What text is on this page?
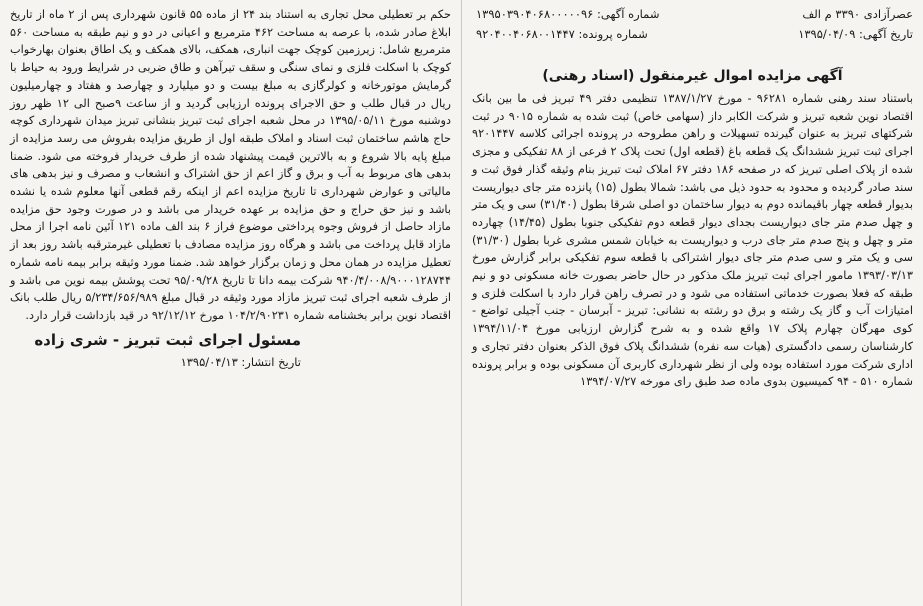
عصرآزادی ۳۳۹۰ م الف
تاریخ آگهی: ۱۳۹۵/۰۴/۰۹
شماره آگهی: ۱۳۹۵۰۳۹۰۴۰۶۸۰۰۰۰۰۹۶
شماره پرونده: ۹۲۰۴۰۰۴۰۶۸۰۰۱۴۴۷
آگهی مزایده اموال غیرمنقول (اسناد رهنی)
باستناد سند رهنی شماره ۹۶۲۸۱ - مورخ ۱۳۸۷/۱/۲۷ تنظیمی دفتر ۴۹ تبریز فی ما بین بانک اقتصاد نوین شعبه تبریز و شرکت الکابر داز (سهامی خاص) ثبت شده به شماره ۹۰۱۵ در ثبت شرکتهای تبریز به عنوان گیرنده تسهیلات و راهن مطروحه در پرونده اجرائی کلاسه ۹۲۰۱۴۴۷ اجرای ثبت تبریز ششدانگ یک قطعه باغ (قطعه اول) تحت پلاک ۲ فرعی از ۸۸ تفکیکی و مجزی شده از پلاک اصلی تبریز که در صفحه ۱۸۶ دفتر ۶۷ املاک ثبت تبریز بنام وثیقه گذار فوق ثبت و سند صادر گردیده و محدود به حدود ذیل می باشد: شمالا بطول (۱۵) پانزده متر جای دیواریست بدیوار قطعه چهار باقیمانده دوم به دیوار ساختمان دو اصلی شرقا بطول (۳۱/۴۰) سی و یک متر و چهل صدم متر جای دیواریست بجدای دیوار قطعه دوم تفکیکی جنوبا بطول (۱۴/۴۵) چهارده متر و چهل و پنج صدم متر جای درب و دیواریست به خیابان شمس مشری غربا بطول (۳۱/۳۰) سی و یک متر و سی صدم متر جای دیوار اشتراکی با قطعه سوم تفکیکی برابر گزارش مورخ ۱۳۹۳/۰۳/۱۳ مامور اجرای ثبت تبریز ملک مذکور در حال حاضر بصورت خانه مسکونی دو و نیم طبقه که فعلا بصورت خدماتی استفاده می شود و در تصرف راهن قرار دارد با اسکلت فلزی و امتیازات آب و گاز یک رشته و برق دو رشته به نشانی: تبریز - آبرسان - جنب آجیلی تواضع - کوی مهرگان چهارم پلاک ۱۷ واقع شده و به شرح گزارش ارزیابی مورخ ۱۳۹۴/۱۱/۰۴ کارشناسان رسمی دادگستری (هیات سه نفره) ششدانگ پلاک فوق الذکر بعنوان دفتر تجاری و اداری شرکت مورد استفاده بوده ولی از نظر شهرداری کاربری آن مسکونی بوده و برابر پرونده شماره ۵۱۰ - ۹۴ کمیسیون بدوی ماده صد طبق رای مورخه ۱۳۹۴/۰۷/۲۷
حکم بر تعطیلی محل تجاری به استناد بند ۲۴ از ماده ۵۵ قانون شهرداری پس از ۲ ماه از تاریخ ابلاغ صادر شده، با عرصه به مساحت ۴۶۲ مترمربع و اعیانی در دو و نیم طبقه به مساحت ۵۶۰ مترمربع شامل: زیرزمین کوچک جهت انباری، همکف، بالای همکف و یک اطاق بعنوان بهارخواب کوچک با اسکلت فلزی و نمای سنگی و سقف تیرآهن و طاق ضربی در شرایط ورود به حیاط با گرمایش موتورخانه و کولرگازی به مبلغ بیست و دو میلیارد و چهارصد و هفتاد و چهارمیلیون ریال در قبال طلب و حق الاجرای پرونده ارزیابی گردید و از ساعت ۹صبح الی ۱۲ ظهر روز دوشنبه مورخ ۱۳۹۵/۰۵/۱۱ در محل شعبه اجرای ثبت تبریز بنشانی تبریز میدان شهرداری کوچه حاج هاشم ساختمان ثبت اسناد و املاک طبقه اول از طریق مزایده بفروش می رسد مزایده از مبلغ پایه بالا شروع و به بالاترین قیمت پیشنهاد شده از طرف خریدار فروخته می شود. ضمنا بدهی های مربوط به آب و برق و گاز اعم از حق اشتراک و انشعاب و مصرف و نیز بدهی های مالیاتی و عوارض شهرداری تا تاریخ مزایده اعم از اینکه رقم قطعی آنها معلوم شده یا نشده باشد و نیز حق حراج و حق مزایده بر عهده خریدار می باشد و در صورت وجود حق مزایده مازاد حاصل از فروش وجوه پرداختی موضوع فراز ۶ بند الف ماده ۱۲۱ آئین نامه اجرا از محل مازاد قابل پرداخت می باشد و هرگاه روز مزایده مصادف با تعطیلی غیرمترقبه باشد روز بعد از تعطیل مزایده در همان محل و زمان برگزار خواهد شد. ضمنا مورد وثیقه برابر بیمه نامه شماره ۹۴۰/۴/۰۰۸/۹۰۰۰۱۲۸۷۴۴ شرکت بیمه دانا تا تاریخ ۹۵/۰۹/۲۸ تحت پوشش بیمه نوین می باشد و از طرف شعبه اجرای ثبت تبریز مازاد مورد وثیقه در قبال مبلغ ۵/۲۳۴/۶۵۶/۹۸۹ ریال طلب بانک اقتصاد نوین برابر بخشنامه شماره ۱۰۴/۲/۹۰۲۳۱ مورخ ۹۲/۱۲/۱۲ در قید بازداشت قرار دارد.
مسئول اجرای ثبت تبریز - شری زاده
تاریخ انتشار: ۱۳۹۵/۰۴/۱۳
